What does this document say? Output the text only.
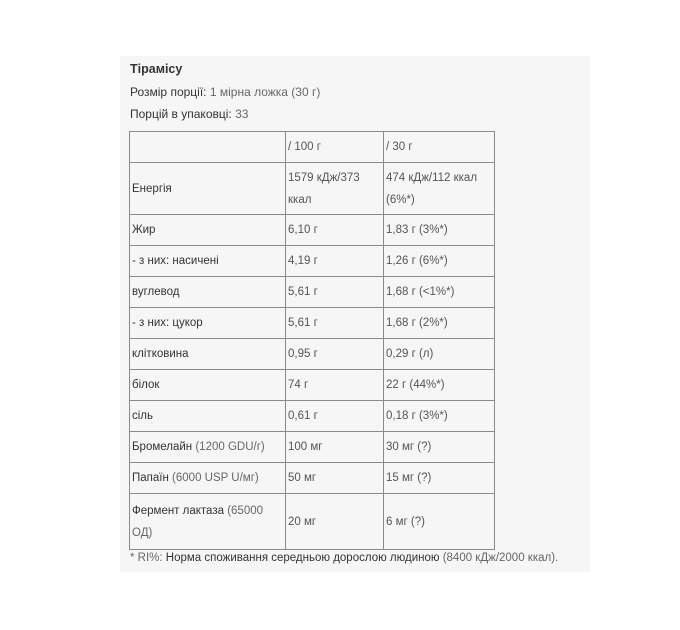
Тірамісу
Розмір порції: 1 мірна ложка (30 г)
Порцій в упаковці: 33
	/ 100 г	/ 30 г
Енергія	1579 кДж/373 ккал	474 кДж/112 ккал (6%*)
Жир	6,10 г	1,83 г (3%*)
- з них: насичені	4,19 г	1,26 г (6%*)
вуглевод	5,61 г	1,68 г (<1%*)
- з них: цукор	5,61 г	1,68 г (2%*)
клітковина	0,95 г	0,29 г (л)
білок	74 г	22 г (44%*)
сіль	0,61 г	0,18 г (3%*)
Бромелайн (1200 GDU/г)	100 мг	30 мг (?)
Папаїн (6000 USP U/мг)	50 мг	15 мг (?)
Фермент лактаза (65000 ОД)	20 мг	6 мг (?)
* RI%: Норма споживання середньою дорослою людиною (8400 кДж/2000 ккал).
